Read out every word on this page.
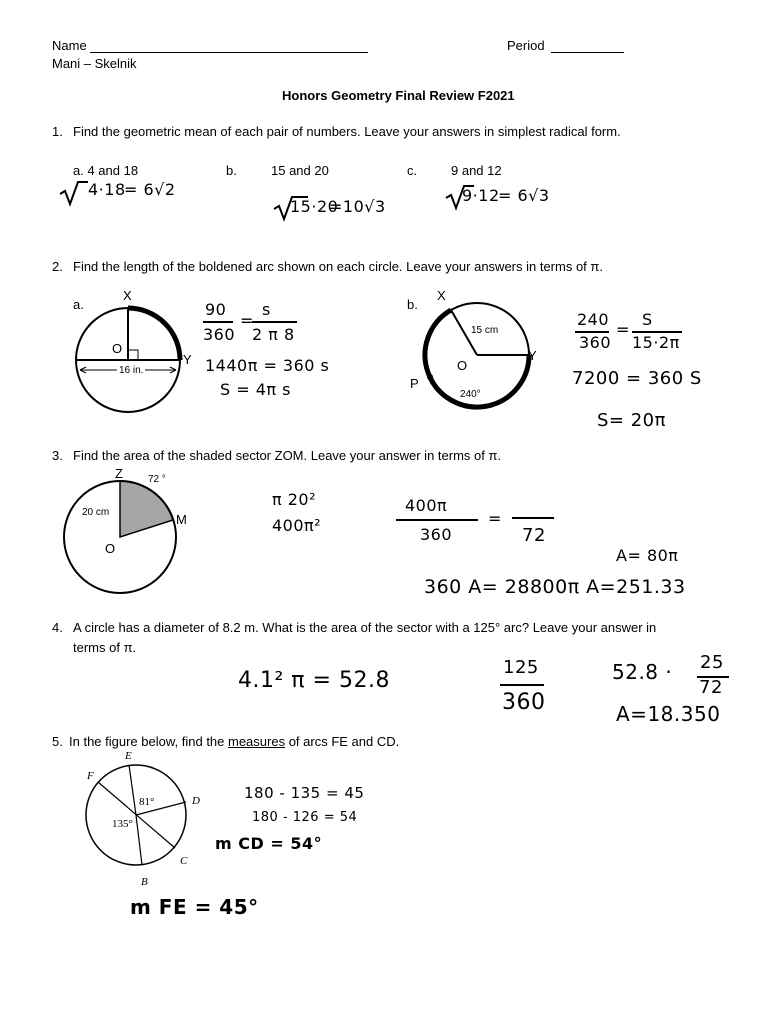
Name	Period
Mani – Skelnik
Honors Geometry Final Review F2021
1. Find the geometric mean of each pair of numbers. Leave your answers in simplest radical form.
a. 4 and 18	b.	15 and 20	c.	9 and 12
4·18
= 6√2
15·20
=10√3
9·12
= 6√3
2. Find the length of the boldened arc shown on each circle. Leave your answers in terms of π.
a.
X
O
Y
16 in.
90
360
=
s
2 π 8
1440π = 360 s
S = 4π s
b.
X
15 cm
O
Y
P
240°
240
360
=
S
15·2π
7200 = 360 S
S= 20π
3. Find the area of the shaded sector ZOM. Leave your answer in terms of π.
Z	72 °
20 cm	M
O
π 20²
400π²
400π
360
=
72
A= 80π
360 A= 28800π A=251.33
4. A circle has a diameter of 8.2 m. What is the area of the sector with a 125° arc? Leave your answer in
terms of π.
4.1² π = 52.8
125
360
52.8 · 25
72
A=18.350
5. In the figure below, find the measures of arcs FE and CD.
E
F
D
C
B
81°
135°
180 - 135 = 45
180 - 126 = 54
m CD = 54°
m FE = 45°
